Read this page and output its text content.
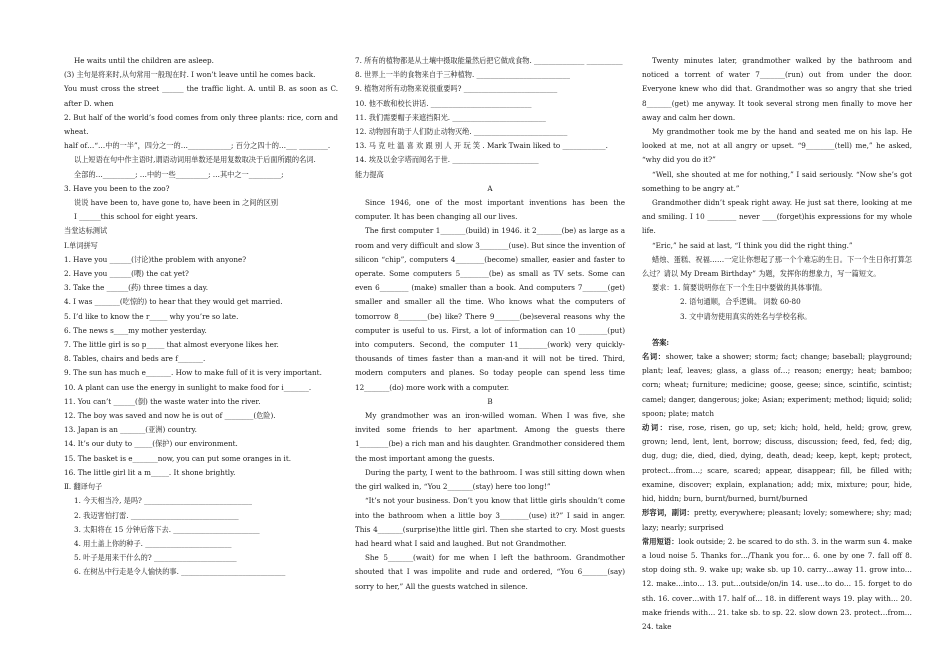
He waits until the children are asleep.

(3) 主句是将来时,从句常用一般现在时. I won’t leave until he comes back.

You must cross the street ______ the traffic light. A. until B. as soon as C. after D. when

2. But half of the world’s food comes from only three plants: rice, corn and wheat.

half of…“…中的一半”，四分之一的…____________; 百分之四十的…___ ________.

以上短语在句中作主语时,谓语动词用单数还是用复数取决于后面所跟的名词.

全部的…_________; …中的一些_________; …其中之一_________;

3. Have you been to the zoo?

说说 have been to, have gone to, have been in 之间的区别

I ______this school for eight years.

当堂达标测试

Ⅰ.单词拼写

1. Have you ______(讨论)the problem with anyone?

2. Have you ______(喂) the cat yet?

3. Take the ______(药) three times a day.

4. I was _______(吃惊的) to hear that they would get married.

5. I’d like to know the r_____ why you’re so late.

6. The news s____my mother yesterday.

7. The little girl is so p_____ that almost everyone likes her.

8. Tables, chairs and beds are f_______.

9. The sun has much e_______. How to make full of it is very important.

10. A plant can use the energy in sunlight to make food for i_______.

11. You can’t ______(倒) the waste water into the river.

12. The boy was saved and now he is out of ________(危险).

13. Japan is an _______(亚洲) country.

14. It’s our duty to _____(保护) our environment.

15. The basket is e_______now, you can put some oranges in it.

16. The little girl lit a m_____. It shone brightly.

Ⅱ. 翻译句子

1. 今天相当冷, 是吗? ______________________________

2. 我迈害怕打雷. ______________________________

3. 太阳将在 15 分钟后落下去. ________________________

4. 用土盖上你的种子. ________________________

5. 叶子是用来干什么的? _______________________

6. 在树丛中行走是令人愉快的事. _____________________________

7. 所有的植物都是从土壤中摄取能量然后把它做成食物. ______________ __________

8. 世界上一半的食物来自于三种植物. __________________________

9. 植物对所有动物来说很重要吗? __________________________

10. 他不敢和校长讲话. ____________________________

11. 我们需要帽子来遮挡阳光. __________________________

12. 动物园有助于人们防止动物灭绝. __________________________

13. 马 克 吐 温 喜 欢 跟 别 人 开 玩 笑 . Mark Twain liked to ____________.

14. 埃及以金字塔而闻名于世. ________________________

能力提高

A

Since 1946, one of the most important inventions has been the computer. It has been changing all our lives.

The first computer 1_______(build) in 1946. it 2_______(be) as large as a room and very difficult and slow 3________(use). But since the invention of silicon “chip”, computers 4________(become) smaller, easier and faster to operate. Some computers 5________(be) as small as TV sets. Some can even 6________ (make) smaller than a book. And computers 7_______(get) smaller and smaller all the time. Who knows what the computers of tomorrow 8________(be) like? There 9_______(be)several reasons why the computer is useful to us. First, a lot of information can 10 ________(put) into computers. Second, the computer 11________(work) very quickly-thousands of times faster than a man-and it will not be tired. Third, modern computers and planes. So today people can spend less time 12_______(do) more work with a computer.

B

My grandmother was an iron-willed woman. When I was five, she invited some friends to her apartment. Among the guests there 1________(be) a rich man and his daughter. Grandmother considered them the most important among the guests.

During the party, I went to the bathroom. I was still sitting down when the girl walked in, “You 2_______(stay) here too long!”

“It’s not your business. Don’t you know that little girls shouldn’t come into the bathroom when a little boy 3________(use) it?” I said in anger. This 4_______(surprise)the little girl. Then she started to cry. Most guests had heard what I said and laughed. But not Grandmother.

She 5_______(wait) for me when I left the bathroom. Grandmother shouted that I was impolite and rude and ordered, “You 6_______(say) sorry to her,” All the guests watched in silence.

Twenty minutes later, grandmother walked by the bathroom and noticed a torrent of water 7_______(run) out from under the door. Everyone knew who did that. Grandmother was so angry that she tried 8_______(get) me anyway. It took several strong men finally to move her away and calm her down.

My grandmother took me by the hand and seated me on his lap. He looked at me, not at all angry or upset. “9________(tell) me,” he asked, “why did you do it?”

“Well, she shouted at me for nothing,” I said seriously. “Now she’s got something to be angry at.”

Grandmother didn’t speak right away. He just sat there, looking at me and smiling. I 10 ________ never ____(forget)his expressions for my whole life.

“Eric,” he said at last, “I think you did the right thing.”

蜡烛、蛋糕、祝福……一定让你想起了那一个个难忘的生日。下一个生日你打算怎么过？请以 My Dream Birthday” 为题，发挥你的想象力，写一篇短文。

要求：1. 简要说明你在下一个生日中要做的具体事情。

2. 语句通顺，合乎逻辑。 词数 60-80

3. 文中请勿使用真实的姓名与学校名称。

答案:

名词：shower, take a shower; storm; fact; change; baseball; playground; plant; leaf, leaves; glass, a glass of…; reason; energy; heat; bamboo; corn; wheat; furniture; medicine; goose, geese; since, scintific, scintist; camel; danger, dangerous; joke; Asian; experiment; method; liquid; solid; spoon; plate; match

动词：rise, rose, risen, go up, set; kich; hold, held, held; grow, grew, grown; lend, lent, lent, borrow; discuss, discussion; feed, fed, fed; dig, dug, dug; die, died, died, dying, death, dead; keep, kept, kept; protect, protect…from…; scare, scared; appear, disappear; fill, be filled with; examine, discover; explain, explanation; add; mix, mixture; pour, hide, hid, hiddn; burn, burnt/burned, burnt/burned

形容词，副词：pretty, everywhere; pleasant; lovely; somewhere; shy; mad; lazy; nearly; surprised

常用短语：look outside; 2. be scared to do sth. 3. in the warm sun 4. make a loud noise 5. Thanks for…/Thank you for… 6. one by one 7. fall off 8. stop doing sth. 9. wake up; wake sb. up 10. carry…away 11. grow into… 12. make…into… 13. put…outside/on/in 14. use…to do… 15. forget to do sth. 16. cover…with 17. half of… 18. in different ways 19. play with… 20. make friends with… 21. take sb. to sp. 22. slow down 23. protect…from… 24. take
